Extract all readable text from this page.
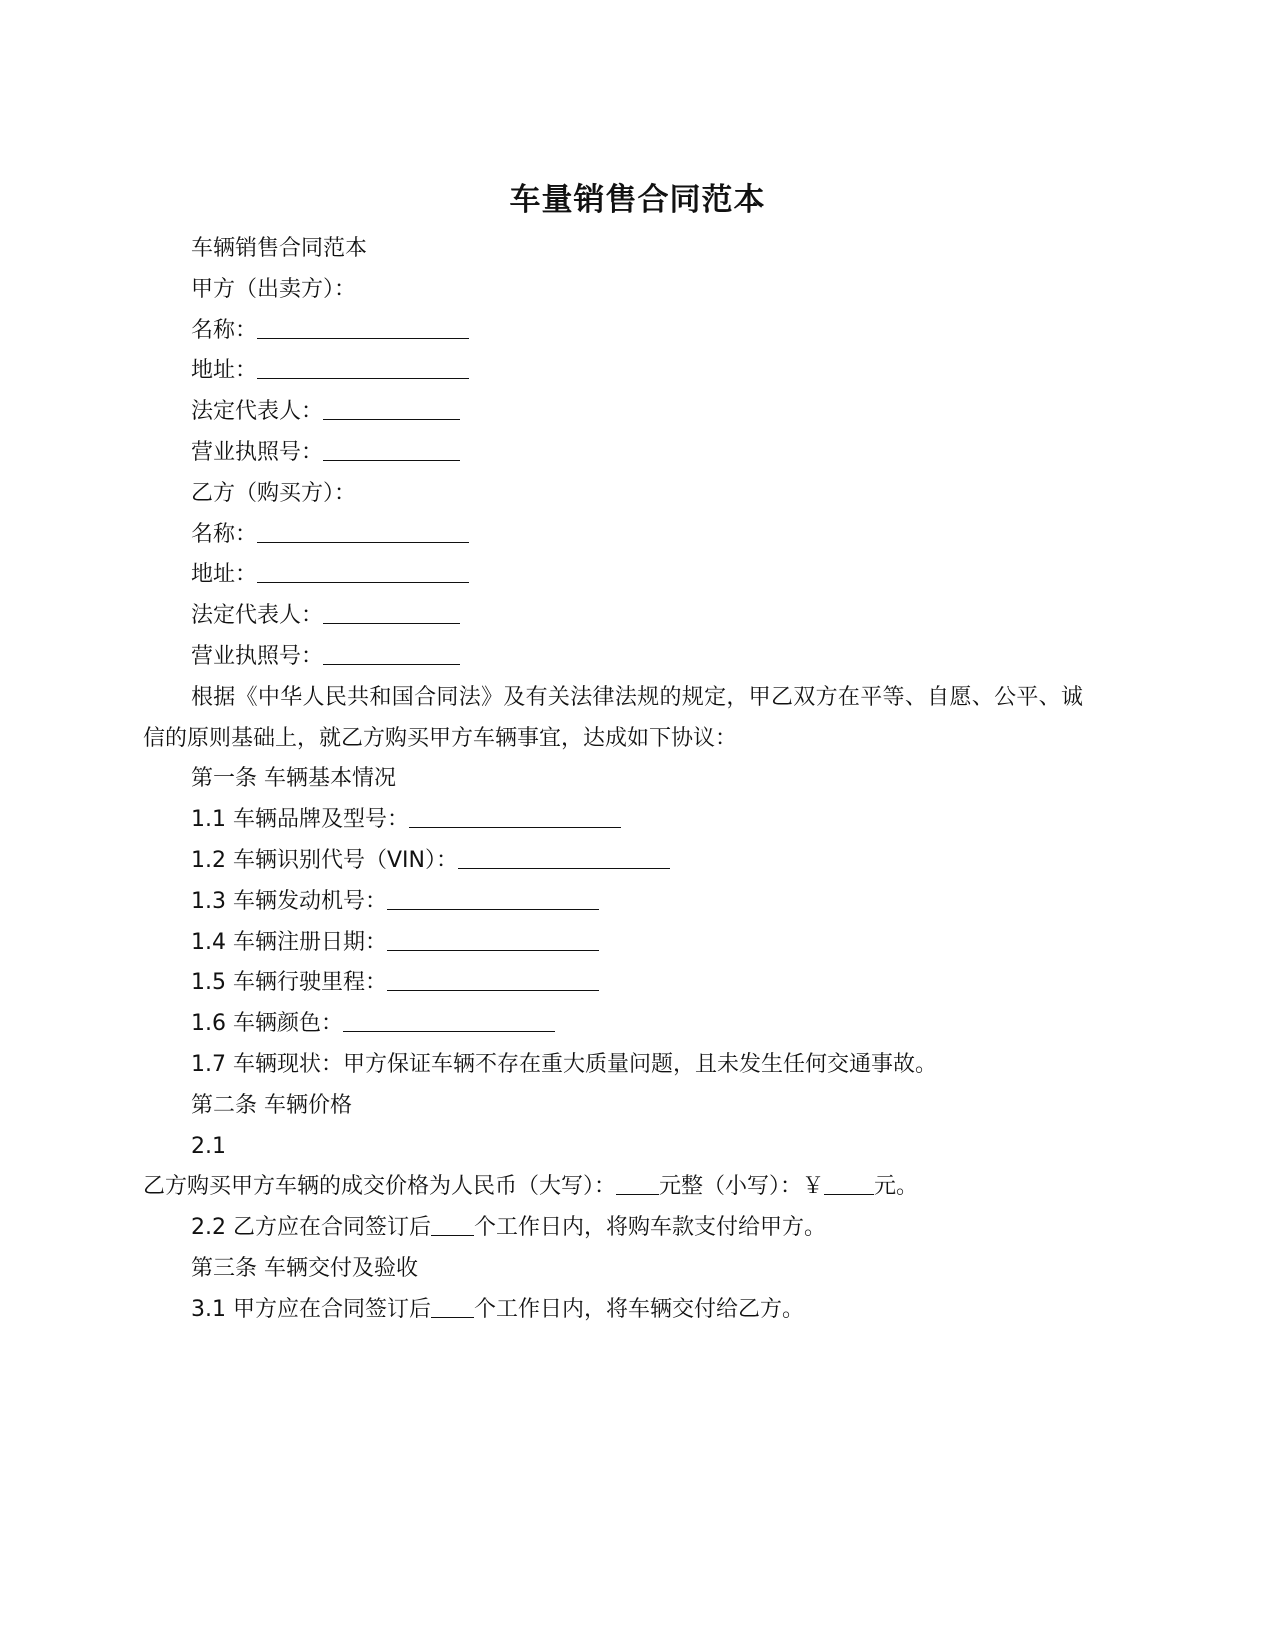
车量销售合同范本
车辆销售合同范本
甲方（出卖方）：
名称：
地址：
法定代表人：
营业执照号：
乙方（购买方）：
名称：
地址：
法定代表人：
营业执照号：
根据《中华人民共和国合同法》及有关法律法规的规定，甲乙双方在平等、自愿、公平、诚信的原则基础上，就乙方购买甲方车辆事宜，达成如下协议：
第一条 车辆基本情况
1.1 车辆品牌及型号：
1.2 车辆识别代号（VIN）：
1.3 车辆发动机号：
1.4 车辆注册日期：
1.5 车辆行驶里程：
1.6 车辆颜色：
1.7 车辆现状：甲方保证车辆不存在重大质量问题，且未发生任何交通事故。
第二条 车辆价格
2.1
乙方购买甲方车辆的成交价格为人民币（大写）： 元整（小写）：￥ 元。
2.2 乙方应在合同签订后 个工作日内，将购车款支付给甲方。
第三条 车辆交付及验收
3.1 甲方应在合同签订后 个工作日内，将车辆交付给乙方。
